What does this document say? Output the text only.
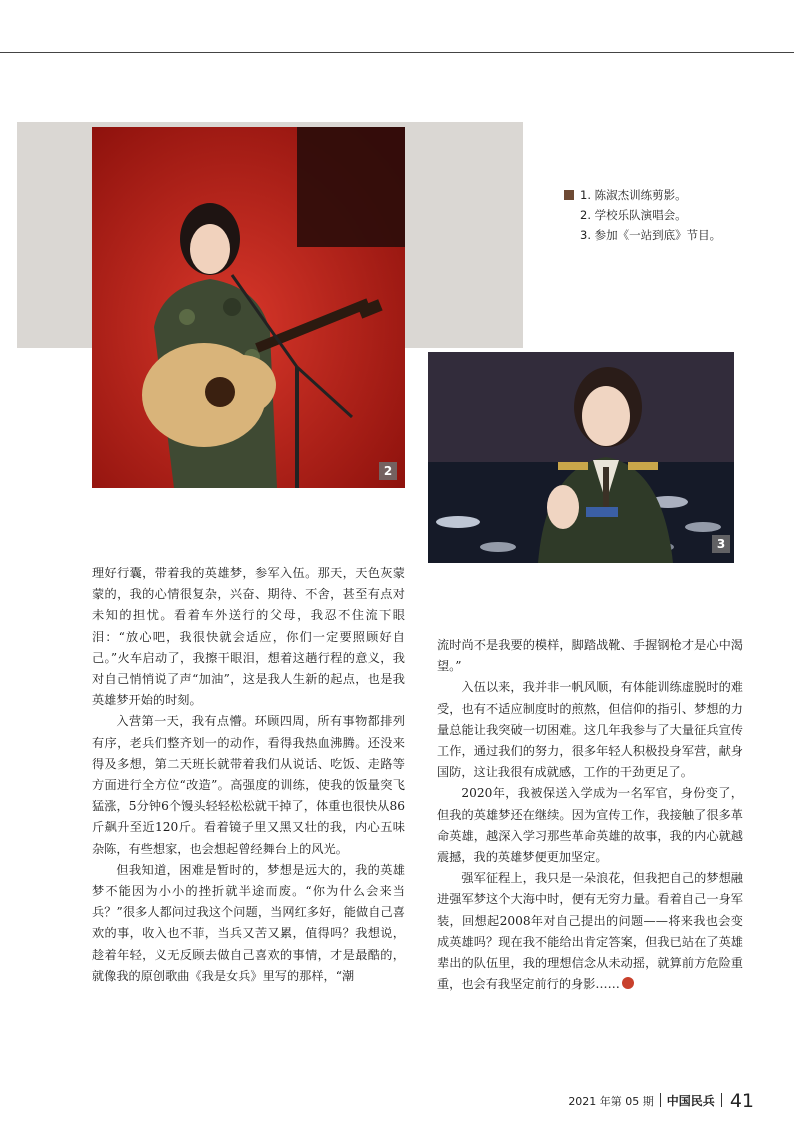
2
3
1. 陈淑杰训练剪影。
2. 学校乐队演唱会。
3. 参加《一站到底》节目。

理好行囊，带着我的英雄梦，参军入伍。那天，天色灰蒙蒙的，我的心情很复杂，兴奋、期待、不舍，甚至有点对未知的担忧。看着车外送行的父母，我忍不住流下眼泪：“放心吧，我很快就会适应，你们一定要照顾好自己。”火车启动了，我擦干眼泪，想着这趟行程的意义，我对自己悄悄说了声“加油”，这是我人生新的起点，也是我英雄梦开始的时刻。

入营第一天，我有点懵。环顾四周，所有事物都排列有序，老兵们整齐划一的动作，看得我热血沸腾。还没来得及多想，第二天班长就带着我们从说话、吃饭、走路等方面进行全方位“改造”。高强度的训练，使我的饭量突飞猛涨，5分钟6个馒头轻轻松松就干掉了，体重也很快从86斤飙升至近120斤。看着镜子里又黑又壮的我，内心五味杂陈，有些想家，也会想起曾经舞台上的风光。

但我知道，困难是暂时的，梦想是远大的，我的英雄梦不能因为小小的挫折就半途而废。“你为什么会来当兵？”很多人都问过我这个问题，当网红多好，能做自己喜欢的事，收入也不菲，当兵又苦又累，值得吗？我想说，趁着年轻，义无反顾去做自己喜欢的事情，才是最酷的，就像我的原创歌曲《我是女兵》里写的那样，“潮

流时尚不是我要的模样，脚踏战靴、手握钢枪才是心中渴望。”

入伍以来，我并非一帆风顺，有体能训练虚脱时的难受，也有不适应制度时的煎熬，但信仰的指引、梦想的力量总能让我突破一切困难。这几年我参与了大量征兵宣传工作，通过我们的努力，很多年轻人积极投身军营，献身国防，这让我很有成就感，工作的干劲更足了。

2020年，我被保送入学成为一名军官，身份变了，但我的英雄梦还在继续。因为宣传工作，我接触了很多革命英雄，越深入学习那些革命英雄的故事，我的内心就越震撼，我的英雄梦便更加坚定。

强军征程上，我只是一朵浪花，但我把自己的梦想融进强军梦这个大海中时，便有无穷力量。看着自己一身军装，回想起2008年对自己提出的问题——将来我也会变成英雄吗？现在我不能给出肯定答案，但我已站在了英雄辈出的队伍里，我的理想信念从未动摇，就算前方危险重重，也会有我坚定前行的身影……

2021 年第 05 期 中国民兵 41
